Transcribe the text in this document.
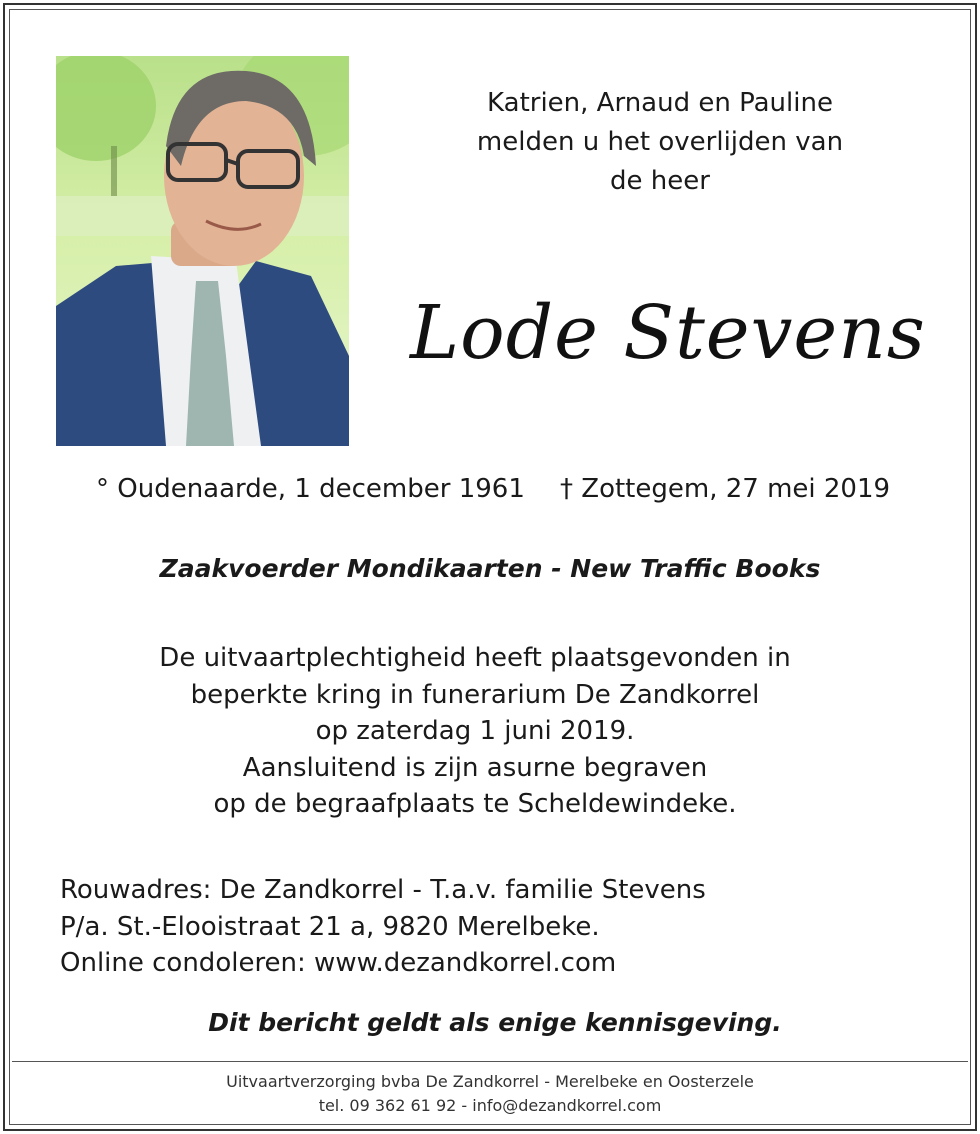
Katrien, Arnaud en Pauline
melden u het overlijden van
de heer
Lode Stevens
° Oudenaarde, 1 december 1961 † Zottegem, 27 mei 2019
Zaakvoerder Mondikaarten - New Traffic Books
De uitvaartplechtigheid heeft plaatsgevonden in
beperkte kring in funerarium De Zandkorrel
op zaterdag 1 juni 2019.
Aansluitend is zijn asurne begraven
op de begraafplaats te Scheldewindeke.
Rouwadres: De Zandkorrel - T.a.v. familie Stevens
P/a. St.-Elooistraat 21 a, 9820 Merelbeke.
Online condoleren: www.dezandkorrel.com
Dit bericht geldt als enige kennisgeving.
Uitvaartverzorging bvba De Zandkorrel - Merelbeke en Oosterzele
tel. 09 362 61 92 - info@dezandkorrel.com
